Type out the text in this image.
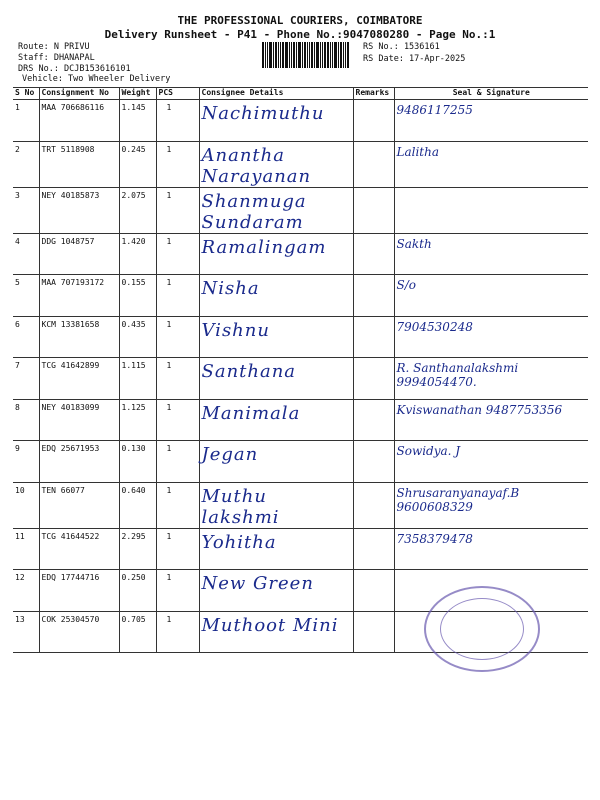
THE PROFESSIONAL COURIERS, COIMBATORE
Delivery Runsheet - P41 - Phone No.:9047080280 - Page No.:1
Route: N PRIVU
Staff: DHANAPAL
DRS No.: DCJB153616101
Vehicle: Two Wheeler Delivery
RS No.: 1536161
RS Date: 17-Apr-2025
S No	Consignment No	Weight	PCS	Consignee Details	Remarks	Seal & Signature
1	MAA 706686116	1.145	1	Nachimuthu		9486117255
2	TRT 5118908	0.245	1	Anantha Narayanan		Lalitha
3	NEY 40185873	2.075	1	Shanmuga Sundaram		
4	DDG 1048757	1.420	1	Ramalingam		Sakth
5	MAA 707193172	0.155	1	Nisha		S/o
6	KCM 13381658	0.435	1	Vishnu		7904530248
7	TCG 41642899	1.115	1	Santhana		R. Santhanalakshmi 9994054470.
8	NEY 40183099	1.125	1	Manimala		Kviswanathan 9487753356
9	EDQ 25671953	0.130	1	Jegan		Sowidya. J
10	TEN 66077	0.640	1	Muthu lakshmi		Shrusaranyanayaf.B 9600608329
11	TCG 41644522	2.295	1	Yohitha		7358379478
12	EDQ 17744716	0.250	1	New Green		
13	COK 25304570	0.705	1	Muthoot Mini		
